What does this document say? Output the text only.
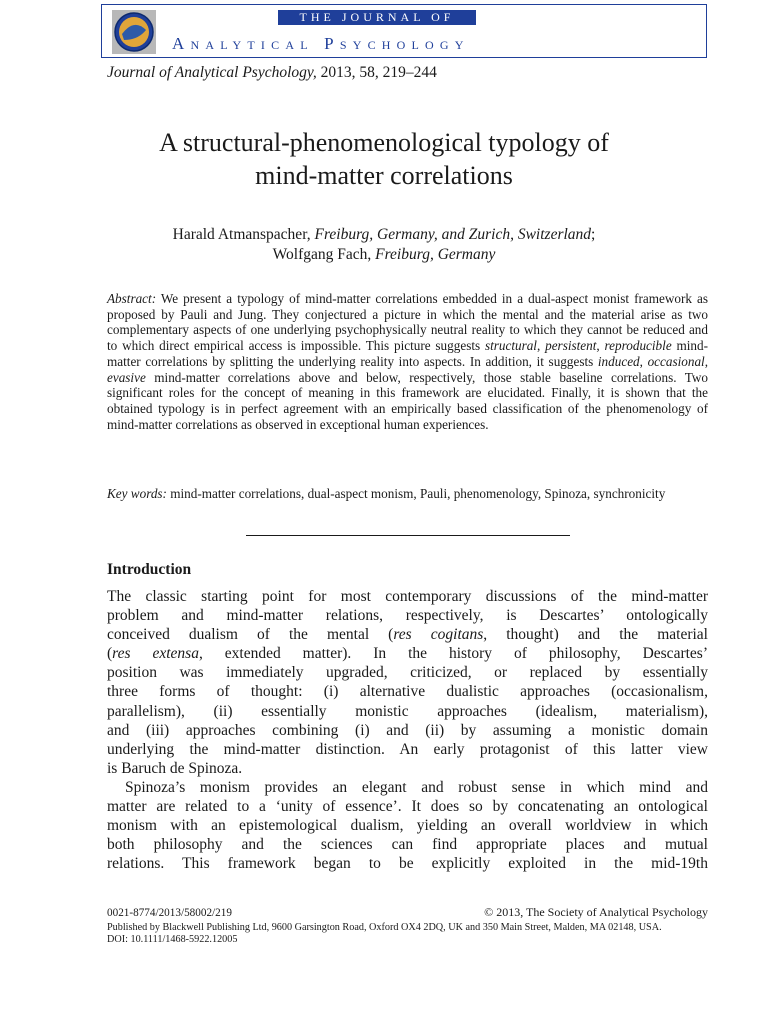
THE JOURNAL OF
Analytical Psychology
Journal of Analytical Psychology, 2013, 58, 219–244
A structural-phenomenological typology of
mind-matter correlations
Harald Atmanspacher, Freiburg, Germany, and Zurich, Switzerland;
Wolfgang Fach, Freiburg, Germany

Abstract: We present a typology of mind-matter correlations embedded in a dual-aspect monist framework as proposed by Pauli and Jung. They conjectured a picture in which the mental and the material arise as two complementary aspects of one underlying psychophysically neutral reality to which they cannot be reduced and to which direct empirical access is impossible. This picture suggests structural, persistent, reproducible mind-matter correlations by splitting the underlying reality into aspects. In addition, it suggests induced, occasional, evasive mind-matter correlations above and below, respectively, those stable baseline correlations. Two significant roles for the concept of meaning in this framework are elucidated. Finally, it is shown that the obtained typology is in perfect agreement with an empirically based classification of the phenomenology of mind-matter correlations as observed in exceptional human experiences.

Key words: mind-matter correlations, dual-aspect monism, Pauli, phenomenology, Spinoza, synchronicity

Introduction

The classic starting point for most contemporary discussions of the mind-matter

problem and mind-matter relations, respectively, is Descartes’ ontologically

conceived dualism of the mental (res cogitans, thought) and the material

(res extensa, extended matter). In the history of philosophy, Descartes’

position was immediately upgraded, criticized, or replaced by essentially

three forms of thought: (i) alternative dualistic approaches (occasionalism,

parallelism), (ii) essentially monistic approaches (idealism, materialism),

and (iii) approaches combining (i) and (ii) by assuming a monistic domain

underlying the mind-matter distinction. An early protagonist of this latter view

is Baruch de Spinoza.

Spinoza’s monism provides an elegant and robust sense in which mind and

matter are related to a ‘unity of essence’. It does so by concatenating an ontological

monism with an epistemological dualism, yielding an overall worldview in which

both philosophy and the sciences can find appropriate places and mutual

relations. This framework began to be explicitly exploited in the mid-19th

0021-8774/2013/58002/219	© 2013, The Society of Analytical Psychology
Published by Blackwell Publishing Ltd, 9600 Garsington Road, Oxford OX4 2DQ, UK and 350 Main Street, Malden, MA 02148, USA.
DOI: 10.1111/1468-5922.12005
